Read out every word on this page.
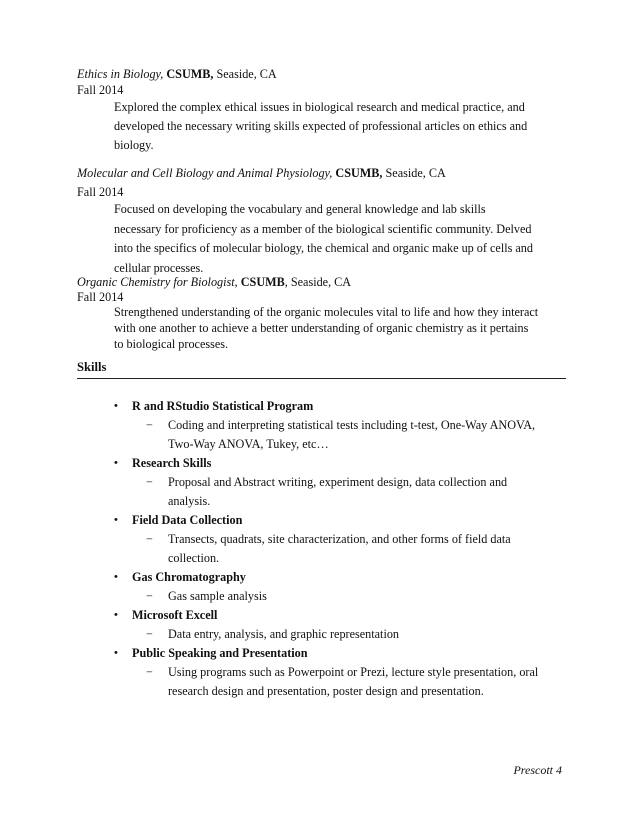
Ethics in Biology, CSUMB, Seaside, CA
Fall 2014
Explored the complex ethical issues in biological research and medical practice, and
developed the necessary writing skills expected of professional articles on ethics and
biology.
Molecular and Cell Biology and Animal Physiology, CSUMB, Seaside, CA
Fall 2014
Focused on developing the vocabulary and general knowledge and lab skills
necessary for proficiency as a member of the biological scientific community. Delved
into the specifics of molecular biology, the chemical and organic make up of cells and
cellular processes.
Organic Chemistry for Biologist, CSUMB, Seaside, CA
Fall 2014
Strengthened understanding of the organic molecules vital to life and how they interact
with one another to achieve a better understanding of organic chemistry as it pertains
to biological processes.
Skills
• R and RStudio Statistical Program
− Coding and interpreting statistical tests including t-test, One-Way ANOVA,
Two-Way ANOVA, Tukey, etc…
• Research Skills
− Proposal and Abstract writing, experiment design, data collection and
analysis.
• Field Data Collection
− Transects, quadrats, site characterization, and other forms of field data
collection.
• Gas Chromatography
− Gas sample analysis
• Microsoft Excell
− Data entry, analysis, and graphic representation
• Public Speaking and Presentation
− Using programs such as Powerpoint or Prezi, lecture style presentation, oral
research design and presentation, poster design and presentation.
Prescott 4
